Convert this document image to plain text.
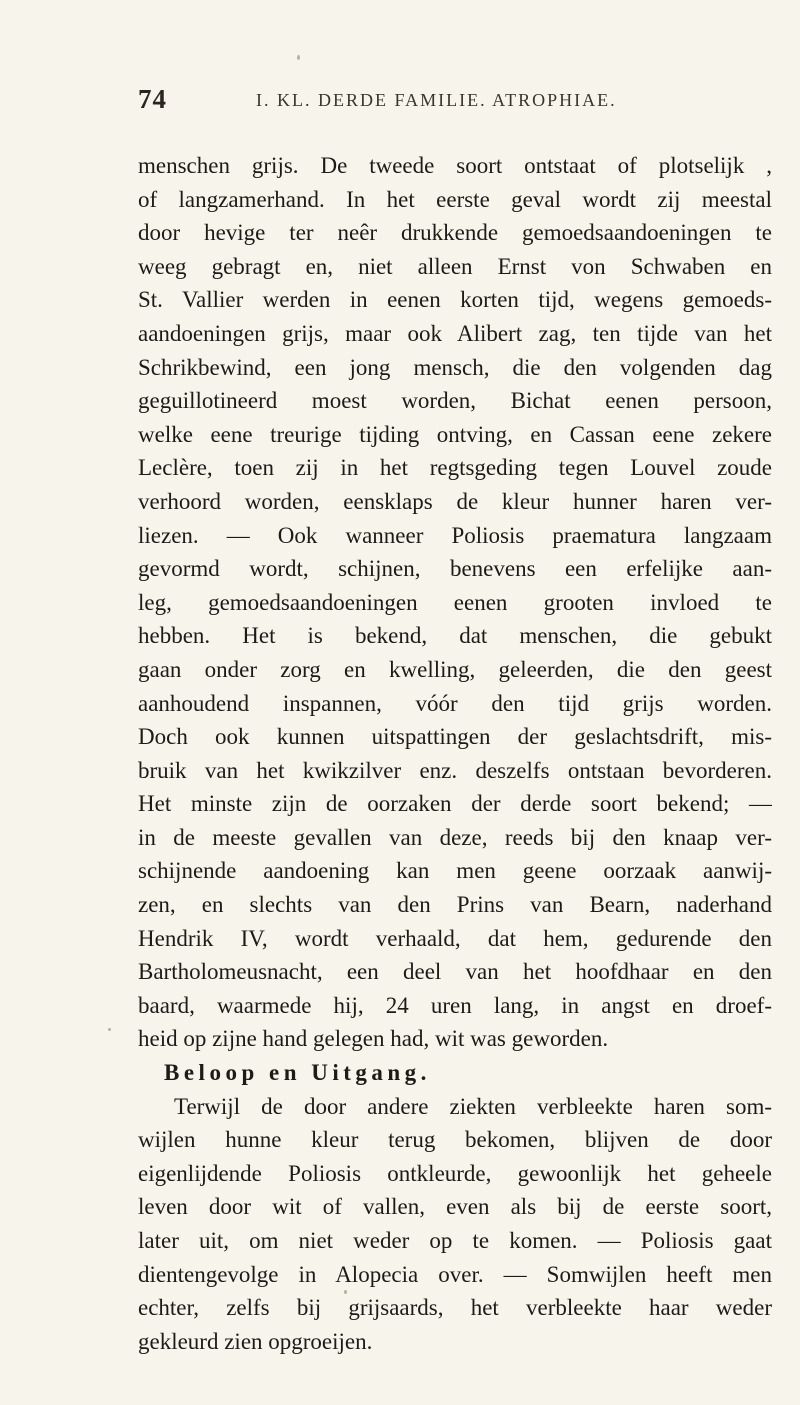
74	I. KL. DERDE FAMILIE. ATROPHIAE.
menschen grijs. De tweede soort ontstaat of plotselijk ,
of langzamerhand. In het eerste geval wordt zij meestal
door hevige ter neêr drukkende gemoedsaandoeningen te
weeg gebragt en, niet alleen Ernst von Schwaben en
St. Vallier werden in eenen korten tijd, wegens gemoeds-
aandoeningen grijs, maar ook Alibert zag, ten tijde van het
Schrikbewind, een jong mensch, die den volgenden dag
geguillotineerd moest worden, Bichat eenen persoon,
welke eene treurige tijding ontving, en Cassan eene zekere
Leclère, toen zij in het regtsgeding tegen Louvel zoude
verhoord worden, eensklaps de kleur hunner haren ver-
liezen. — Ook wanneer Poliosis praematura langzaam
gevormd wordt, schijnen, benevens een erfelijke aan-
leg, gemoedsaandoeningen eenen grooten invloed te
hebben. Het is bekend, dat menschen, die gebukt
gaan onder zorg en kwelling, geleerden, die den geest
aanhoudend inspannen, vóór den tijd grijs worden.
Doch ook kunnen uitspattingen der geslachtsdrift, mis-
bruik van het kwikzilver enz. deszelfs ontstaan bevorderen.
Het minste zijn de oorzaken der derde soort bekend; —
in de meeste gevallen van deze, reeds bij den knaap ver-
schijnende aandoening kan men geene oorzaak aanwij-
zen, en slechts van den Prins van Bearn, naderhand
Hendrik IV, wordt verhaald, dat hem, gedurende den
Bartholomeusnacht, een deel van het hoofdhaar en den
baard, waarmede hij, 24 uren lang, in angst en droef-
heid op zijne hand gelegen had, wit was geworden.
Beloop en Uitgang.
Terwijl de door andere ziekten verbleekte haren som-
wijlen hunne kleur terug bekomen, blijven de door
eigenlijdende Poliosis ontkleurde, gewoonlijk het geheele
leven door wit of vallen, even als bij de eerste soort,
later uit, om niet weder op te komen. — Poliosis gaat
dientengevolge in Alopecia over. — Somwijlen heeft men
echter, zelfs bij grijsaards, het verbleekte haar weder
gekleurd zien opgroeijen.
